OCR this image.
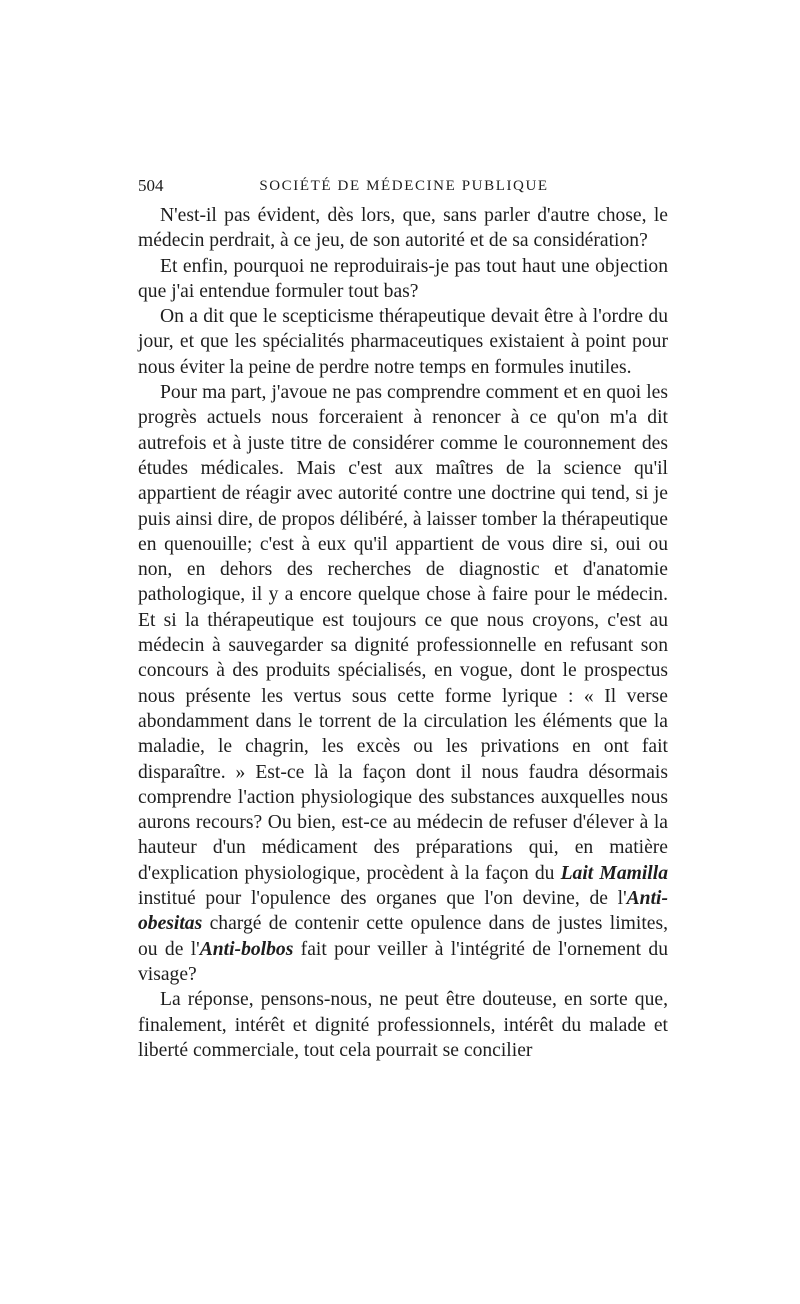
504	SOCIÉTÉ DE MÉDECINE PUBLIQUE

N'est-il pas évident, dès lors, que, sans parler d'autre chose, le médecin perdrait, à ce jeu, de son autorité et de sa considération?

Et enfin, pourquoi ne reproduirais-je pas tout haut une objection que j'ai entendue formuler tout bas?

On a dit que le scepticisme thérapeutique devait être à l'ordre du jour, et que les spécialités pharmaceutiques existaient à point pour nous éviter la peine de perdre notre temps en formules inutiles.

Pour ma part, j'avoue ne pas comprendre comment et en quoi les progrès actuels nous forceraient à renoncer à ce qu'on m'a dit autrefois et à juste titre de considérer comme le couronnement des études médicales. Mais c'est aux maîtres de la science qu'il appartient de réagir avec autorité contre une doctrine qui tend, si je puis ainsi dire, de propos délibéré, à laisser tomber la thérapeutique en quenouille; c'est à eux qu'il appartient de vous dire si, oui ou non, en dehors des recherches de diagnostic et d'anatomie pathologique, il y a encore quelque chose à faire pour le médecin. Et si la thérapeutique est toujours ce que nous croyons, c'est au médecin à sauvegarder sa dignité professionnelle en refusant son concours à des produits spécialisés, en vogue, dont le prospectus nous présente les vertus sous cette forme lyrique : « Il verse abondamment dans le torrent de la circulation les éléments que la maladie, le chagrin, les excès ou les privations en ont fait disparaître. » Est-ce là la façon dont il nous faudra désormais comprendre l'action physiologique des substances auxquelles nous aurons recours? Ou bien, est-ce au médecin de refuser d'élever à la hauteur d'un médicament des préparations qui, en matière d'explication physiologique, procèdent à la façon du Lait Mamilla institué pour l'opulence des organes que l'on devine, de l'Anti-obesitas chargé de contenir cette opulence dans de justes limites, ou de l'Anti-bolbos fait pour veiller à l'intégrité de l'ornement du visage?

La réponse, pensons-nous, ne peut être douteuse, en sorte que, finalement, intérêt et dignité professionnels, intérêt du malade et liberté commerciale, tout cela pourrait se concilier
